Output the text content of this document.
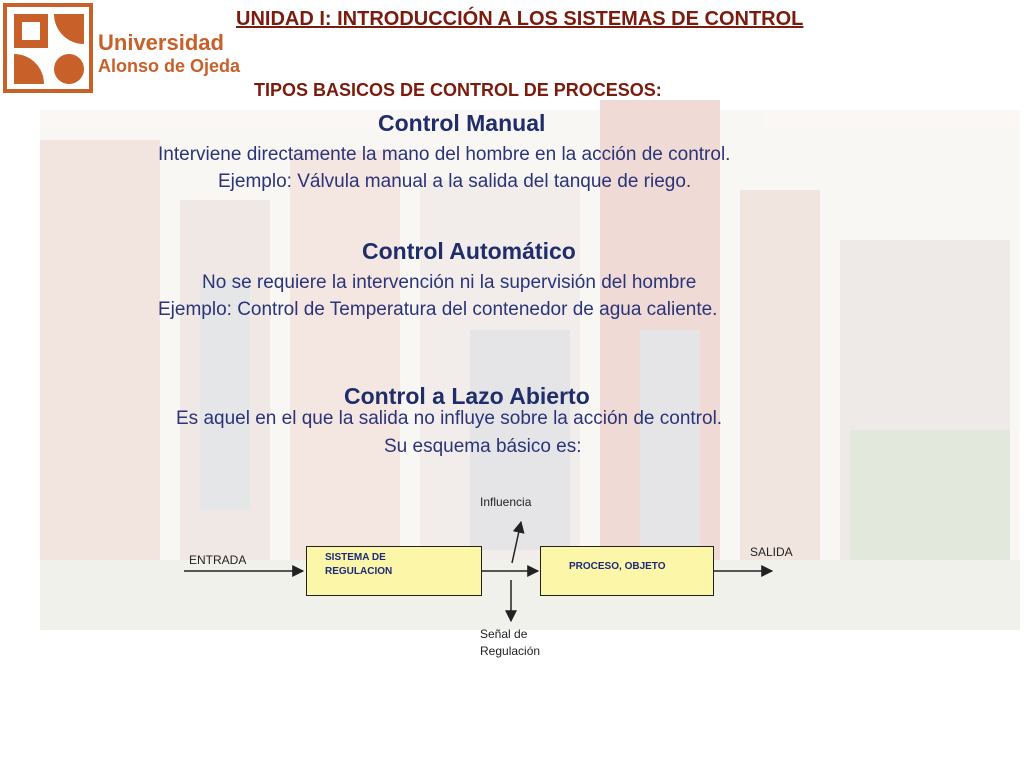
Universidad
Alonso de Ojeda

UNIDAD I: INTRODUCCIÓN A LOS SISTEMAS DE CONTROL

TIPOS BASICOS DE CONTROL DE PROCESOS:

Control Manual

Interviene directamente la mano del hombre en la acción de control.

Ejemplo: Válvula manual a la salida del tanque de riego.

Control Automático

No se requiere la intervención ni la supervisión del hombre

Ejemplo: Control de Temperatura del contenedor de agua caliente.

Control a Lazo Abierto

Es aquel en el que la salida no influye sobre la acción de control.

Su esquema básico es:

SISTEMA DE
REGULACION	PROCESO, OBJETO

ENTRADA

SALIDA

Influencia

Señal de

Regulación
